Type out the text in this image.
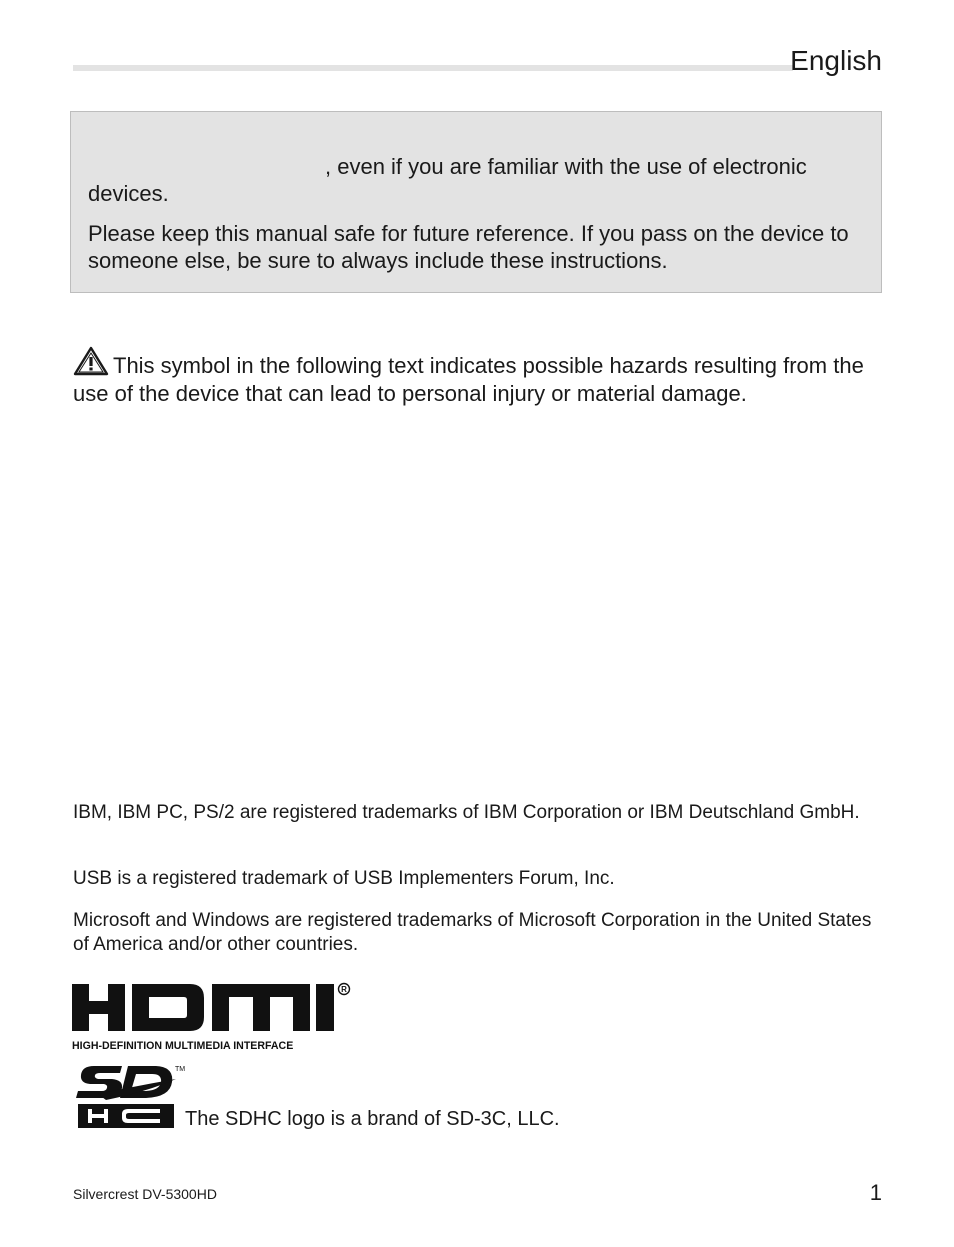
English

, even if you are familiar with the use of electronic devices.

Please keep this manual safe for future reference. If you pass on the device to someone else, be sure to always include these instructions.

This symbol in the following text indicates possible hazards resulting from the use of the device that can lead to personal injury or material damage.

IBM, IBM PC, PS/2 are registered trademarks of IBM Corporation or IBM Deutschland GmbH.

USB is a registered trademark of USB Implementers Forum, Inc.

Microsoft and Windows are registered trademarks of Microsoft Corporation in the United States of America and/or other countries.

R
HIGH-DEFINITION MULTIMEDIA INTERFACE
TM
The SDHC logo is a brand of SD-3C, LLC.
Silvercrest DV-5300HD	1
